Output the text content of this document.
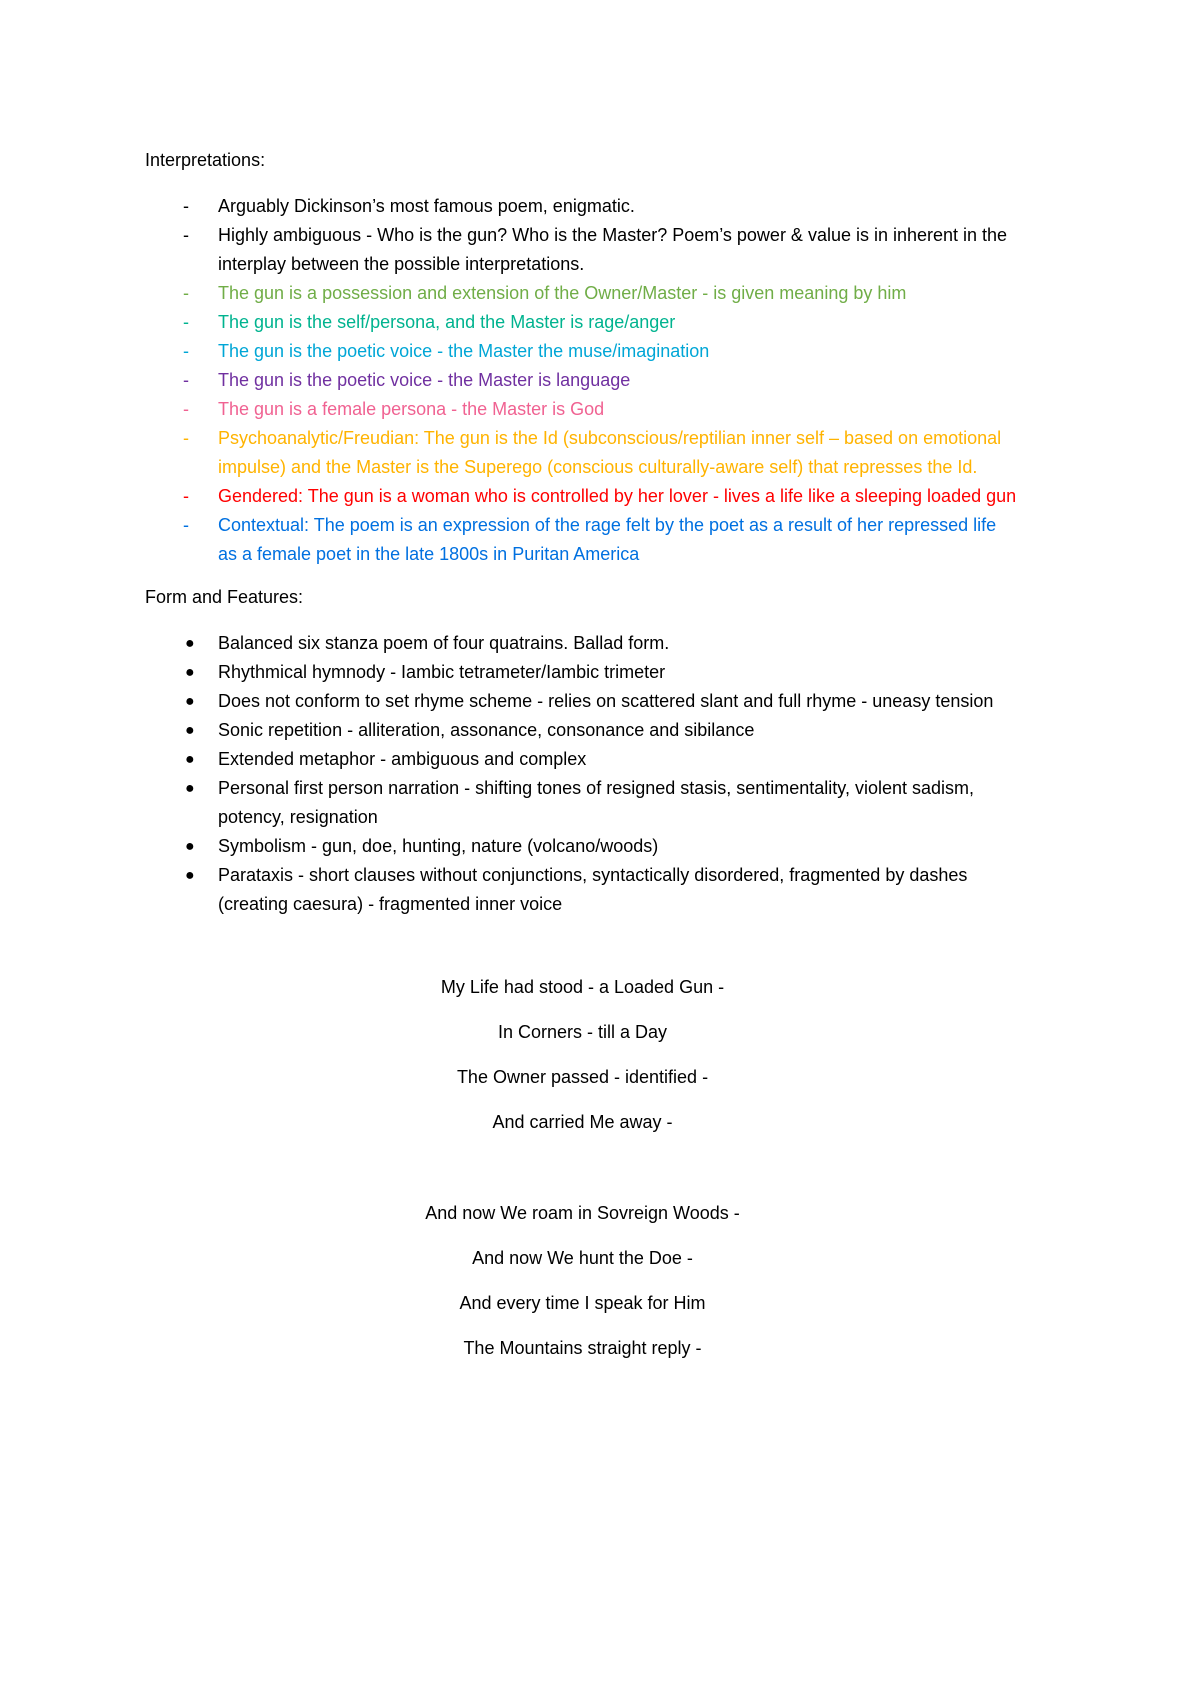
Interpretations:
-	Arguably Dickinson’s most famous poem, enigmatic.
-	Highly ambiguous - Who is the gun? Who is the Master? Poem’s power & value is in inherent in the interplay between the possible interpretations.
-	The gun is a possession and extension of the Owner/Master - is given meaning by him
-	The gun is the self/persona, and the Master is rage/anger
-	The gun is the poetic voice - the Master the muse/imagination
-	The gun is the poetic voice - the Master is language
-	The gun is a female persona - the Master is God
-	Psychoanalytic/Freudian: The gun is the Id (subconscious/reptilian inner self – based on emotional impulse) and the Master is the Superego (conscious culturally-aware self) that represses the Id.
-	Gendered: The gun is a woman who is controlled by her lover - lives a life like a sleeping loaded gun
-	Contextual: The poem is an expression of the rage felt by the poet as a result of her repressed life as a female poet in the late 1800s in Puritan America
Form and Features:
●	Balanced six stanza poem of four quatrains. Ballad form.
●	Rhythmical hymnody - Iambic tetrameter/Iambic trimeter
●	Does not conform to set rhyme scheme - relies on scattered slant and full rhyme - uneasy tension
●	Sonic repetition - alliteration, assonance, consonance and sibilance
●	Extended metaphor - ambiguous and complex
●	Personal first person narration - shifting tones of resigned stasis, sentimentality, violent sadism, potency, resignation
●	Symbolism - gun, doe, hunting, nature (volcano/woods)
●	Parataxis - short clauses without conjunctions, syntactically disordered, fragmented by dashes (creating caesura) - fragmented inner voice
My Life had stood - a Loaded Gun -
In Corners - till a Day
The Owner passed - identified -
And carried Me away -
And now We roam in Sovreign Woods -
And now We hunt the Doe -
And every time I speak for Him
The Mountains straight reply -
